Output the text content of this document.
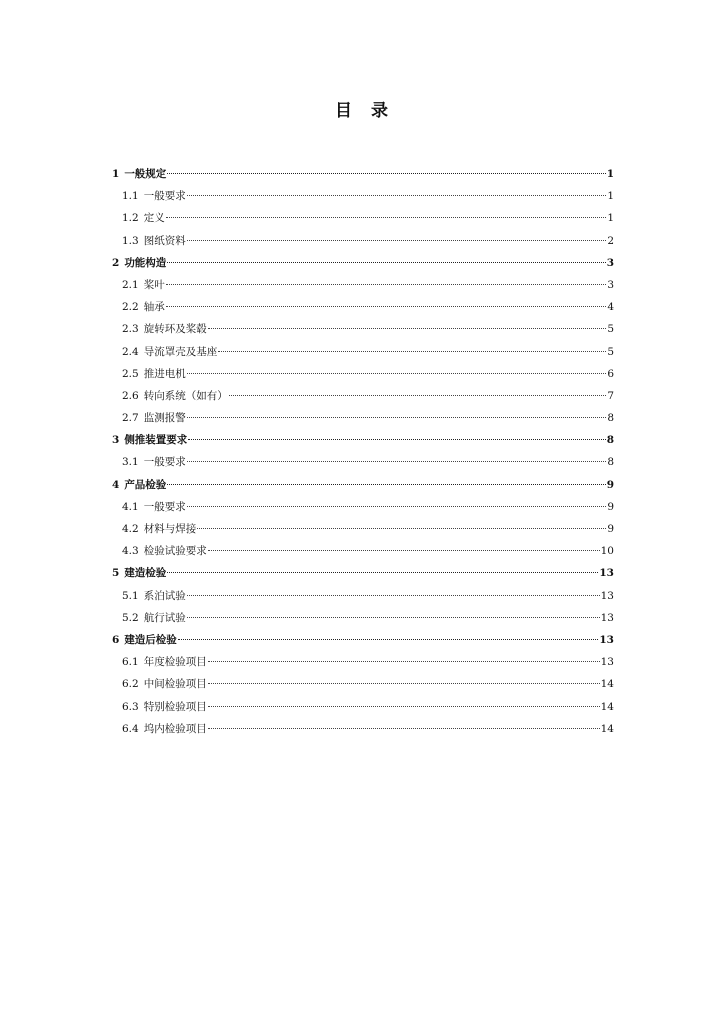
目 录
1 一般规定	1
1.1 一般要求	1
1.2 定义	1
1.3 图纸资料	2
2 功能构造	3
2.1 桨叶	3
2.2 轴承	4
2.3 旋转环及桨毂	5
2.4 导流罩壳及基座	5
2.5 推进电机	6
2.6 转向系统（如有）	7
2.7 监测报警	8
3 侧推装置要求	8
3.1 一般要求	8
4 产品检验	9
4.1 一般要求	9
4.2 材料与焊接	9
4.3 检验试验要求	10
5 建造检验	13
5.1 系泊试验	13
5.2 航行试验	13
6 建造后检验	13
6.1 年度检验项目	13
6.2 中间检验项目	14
6.3 特别检验项目	14
6.4 坞内检验项目	14
